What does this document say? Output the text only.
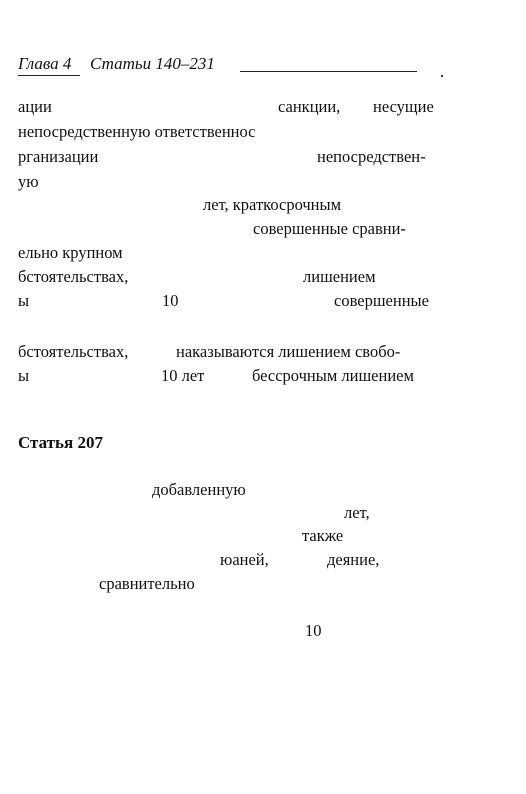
Глава 4 Статьи 140–231
ации	санкции, несущие
непосредственную ответственнос
рганизации	непосредствен-
ую
лет, краткосрочным
совершенные сравни-
ельно крупном
бстоятельствах,	лишением
ы	10	совершенные
бстоятельствах,	наказываются лишением свобо-
ы	10 лет	бессрочным лишением
Статья 207
добавленную
лет,
также
юаней,	деяние,
сравнительно
10
